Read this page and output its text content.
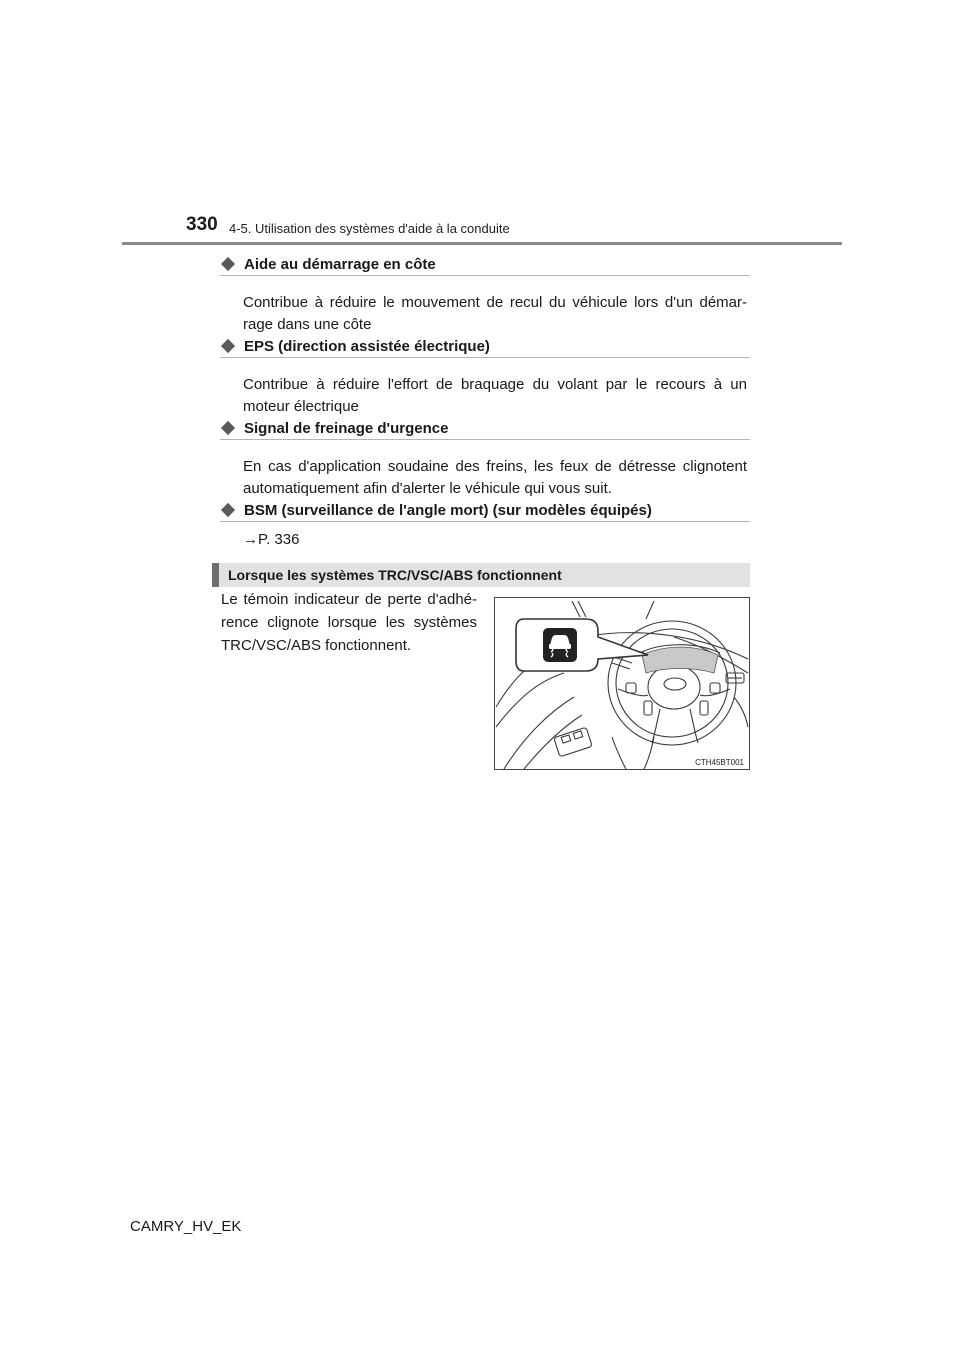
330 4-5. Utilisation des systèmes d'aide à la conduite
Aide au démarrage en côte
Contribue à réduire le mouvement de recul du véhicule lors d'un démar-rage dans une côte
EPS (direction assistée électrique)
Contribue à réduire l'effort de braquage du volant par le recours à un moteur électrique
Signal de freinage d'urgence
En cas d'application soudaine des freins, les feux de détresse clignotent automatiquement afin d'alerter le véhicule qui vous suit.
BSM (surveillance de l'angle mort) (sur modèles équipés)
→P. 336
Lorsque les systèmes TRC/VSC/ABS fonctionnent
Le témoin indicateur de perte d'adhé-rence clignote lorsque les systèmes TRC/VSC/ABS fonctionnent.
CTH45BT001
CAMRY_HV_EK
